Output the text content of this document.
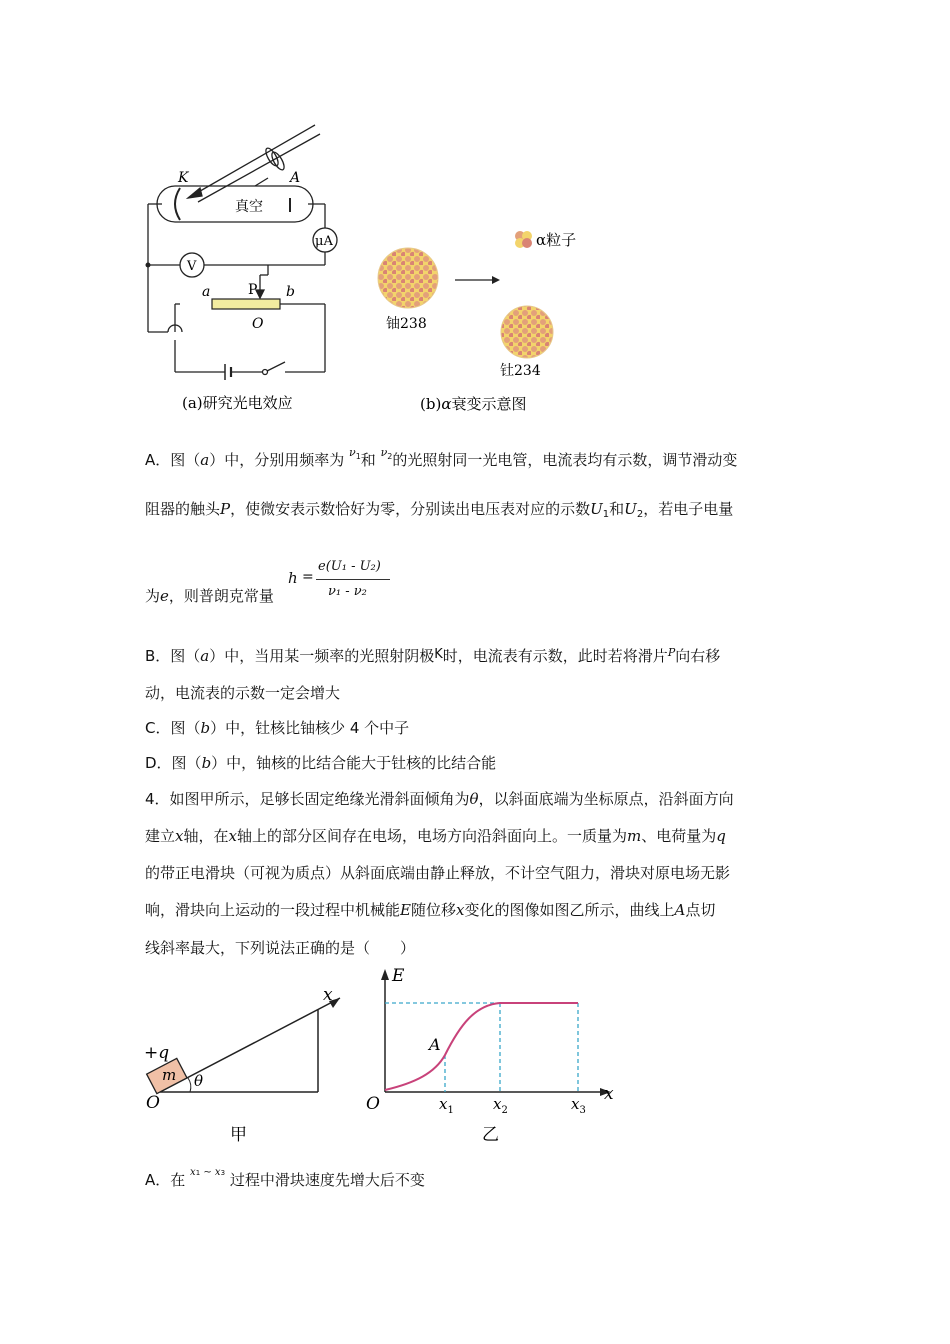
K	A
真空
μA
V
a	P b
O
(a)研究光电效应
α粒子
铀238
钍234
(b)α衰变示意图
A．图（a）中，分别用频率为 $\nu_1$和 $\nu_2$的光照射同一光电管，电流表均有示数，调节滑动变
阻器的触头P，使微安表示数恰好为零，分别读出电压表对应的示数$U_1$和$U_2$，若电子电量
为e，则普朗克常量
h =
e(U₁ - U₂)
ν₁ - ν₂
B．图（a）中，当用某一频率的光照射阴极K时，电流表有示数，此时若将滑片$^P$向右移
动，电流表的示数一定会增大
C．图（b）中，钍核比铀核少 4 个中子
D．图（b）中，铀核的比结合能大于钍核的比结合能
4．如图甲所示，足够长固定绝缘光滑斜面倾角为θ，以斜面底端为坐标原点，沿斜面方向
建立x轴，在x轴上的部分区间存在电场，电场方向沿斜面向上。一质量为m、电荷量为q
的带正电滑块（可视为质点）从斜面底端由静止释放，不计空气阻力，滑块对原电场无影
响，滑块向上运动的一段过程中机械能E随位移x变化的图像如图乙所示，曲线上A点切
线斜率最大，下列说法正确的是（　　）
x
+q
m θ
O
甲
E
A
O	x
$x_1$	$x_2$	$x_3$
乙
A．在 $^{x1 \sim x3}$ 过程中滑块速度先增大后不变
